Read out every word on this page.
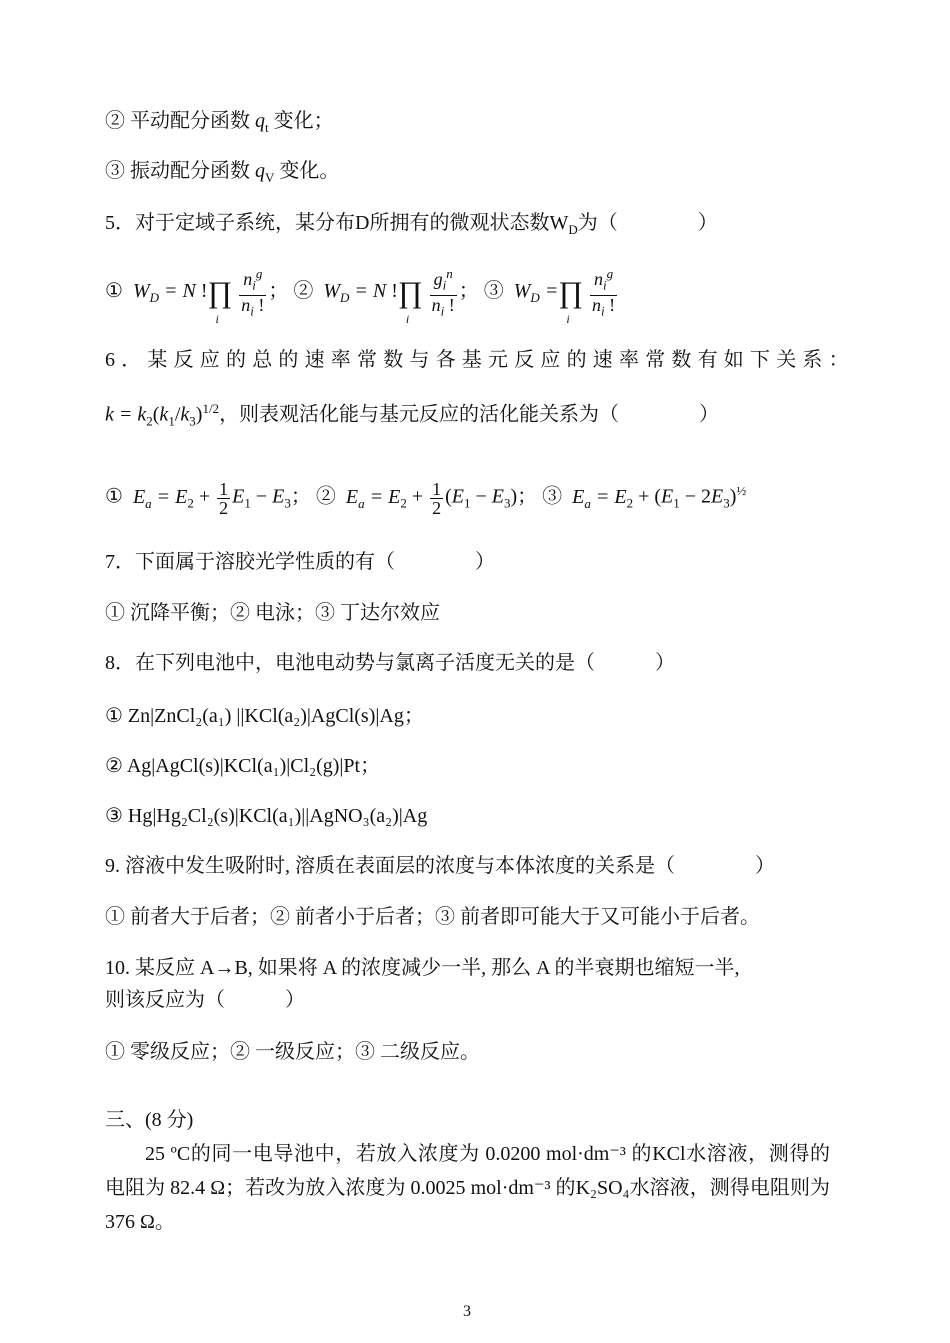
② 平动配分函数 $q_t$ 变化；
③ 振动配分函数 $q_V$ 变化。
5．对于定域子系统，某分布D所拥有的微观状态数$W_D$为（　　　　）
①  $W_D = N$ !∏
i
$\frac{n_i^g}{n_i !}$ ； ②  $W_D = N$ !∏
i
$\frac{g_i^n}{n_i !}$ ； ③  $W_D$ =∏
i
$\frac{n_i^g}{n_i !}$
6．某反应的总的速率常数与各基元反应的速率常数有如下关系：
$k = k_2(k_1/k_3)^{1/2}$，则表观活化能与基元反应的活化能关系为（　　　　）
①  $E_a = E_2 + \frac{1}{2} E_1 - E_3$； ②  $E_a = E_2 + \frac{1}{2} (E_1 - E_3)$； ③  $E_a = E_2 + (E_1 - 2E_3)^{\frac{1}{2}}$
7．下面属于溶胶光学性质的有（　　　　）
① 沉降平衡；② 电泳；③ 丁达尔效应
8．在下列电池中，电池电动势与氯离子活度无关的是（　　　）
① Zn|ZnCl₂(a₁) ||KCl(a₂)|AgCl(s)|Ag；
② Ag|AgCl(s)|KCl(a₁)|Cl₂(g)|Pt；
③ Hg|Hg₂Cl₂(s)|KCl(a₁)||AgNO₃(a₂)|Ag
9. 溶液中发生吸附时, 溶质在表面层的浓度与本体浓度的关系是（　　　　）
① 前者大于后者；② 前者小于后者；③ 前者即可能大于又可能小于后者。
10. 某反应 A→B, 如果将 A 的浓度减少一半, 那么 A 的半衰期也缩短一半,
则该反应为（　　　）
① 零级反应；② 一级反应；③ 二级反应。
三、(8 分)
25 ºC的同一电导池中，若放入浓度为 0.0200 mol·dm⁻³ 的KCl水溶液，测得的电阻为 82.4 Ω；若改为放入浓度为 0.0025 mol·dm⁻³ 的K₂SO₄水溶液，测得电阻则为 376 Ω。
3
